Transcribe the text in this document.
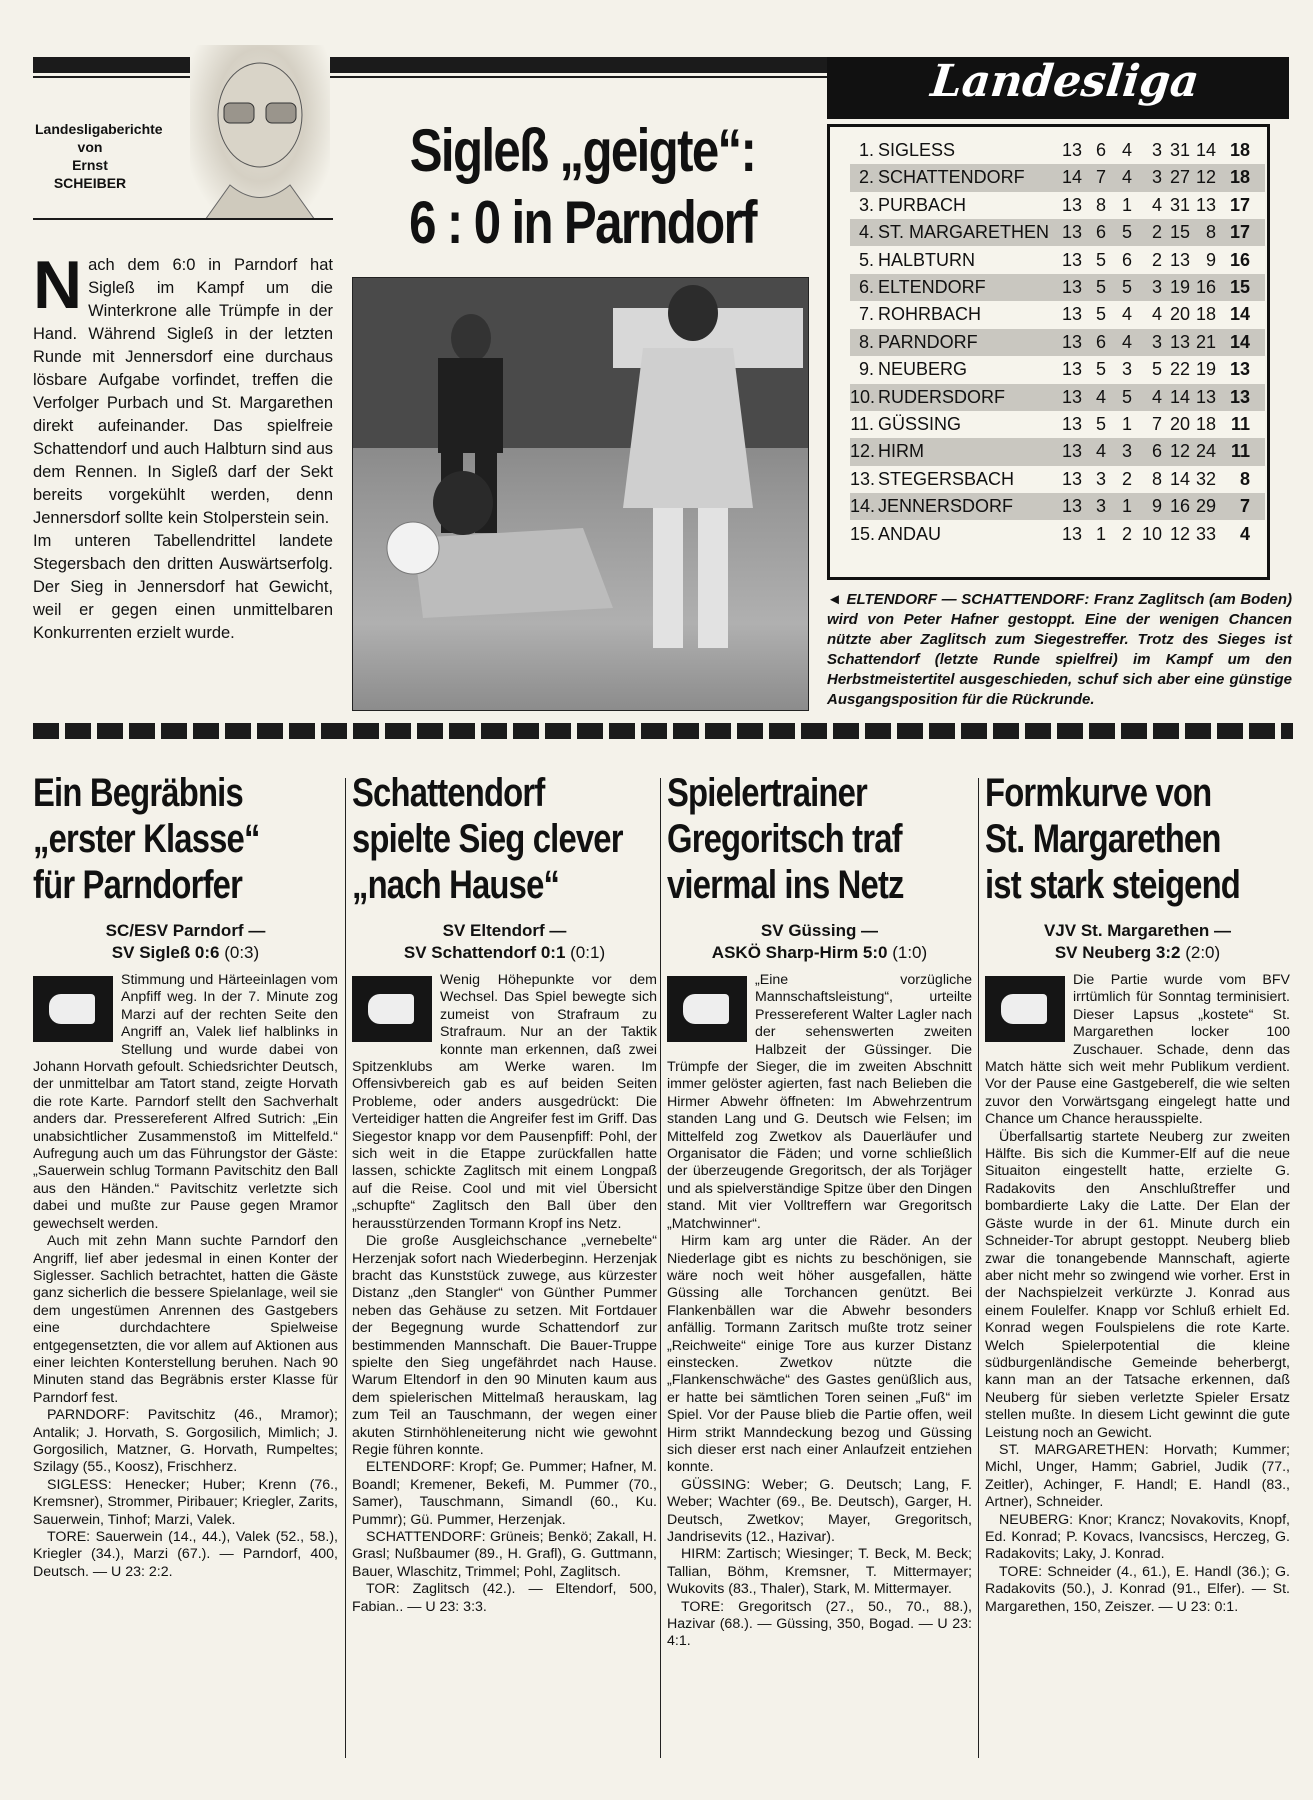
Landesligaberichte
von
Ernst
SCHEIBER	Sigleß „geigte“:
6 : 0 in Parndorf

Nach dem 6:0 in Parndorf hat Sigleß im Kampf um die Winterkrone alle Trümpfe in der Hand. Während Sigleß in der letzten Runde mit Jennersdorf eine durchaus lösbare Aufgabe vorfindet, treffen die Verfolger Purbach und St. Margarethen direkt aufeinander. Das spielfreie Schattendorf und auch Halbturn sind aus dem Rennen. In Sigleß darf der Sekt bereits vorgekühlt werden, denn Jennersdorf sollte kein Stolperstein sein.

Im unteren Tabellendrittel landete Stegersbach den dritten Auswärtserfolg. Der Sieg in Jennersdorf hat Gewicht, weil er gegen einen unmittelbaren Konkurrenten erzielt wurde.

Landesliga
1. SIGLESS	13 6 4	3 31 14 18
2. SCHATTENDORF	14 7 4	3 27 12 18
3. PURBACH	13 8 1	4 31 13 17
4. ST. MARGARETHEN 13 6 5	2 15 8 17
5. HALBTURN	13 5 6	2 13 9 16
6. ELTENDORF	13 5 5	3 19 16 15
7. ROHRBACH	13 5 4	4 20 18 14
8. PARNDORF	13 6 4	3 13 21 14
9. NEUBERG	13 5 3	5 22 19 13
10. RUDERSDORF	13 4 5	4 14 13 13
11. GÜSSING	13 5 1	7 20 18 11
12. HIRM	13 4 3	6 12 24 11
13. STEGERSBACH	13 3 2	8 14 32	8
14. JENNERSDORF	13 3 1	9 16 29	7
15. ANDAU	13 1 2 10 12 33	4
◄ ELTENDORF — SCHATTENDORF: Franz Zaglitsch (am Boden) wird von Peter Hafner gestoppt. Eine der wenigen Chancen nützte aber Zaglitsch zum Siegestreffer. Trotz des Sieges ist Schattendorf (letzte Runde spielfrei) im Kampf um den Herbstmeistertitel ausgeschieden, schuf sich aber eine günstige Ausgangsposition für die Rückrunde.
Ein Begräbnis
„erster Klasse“
für Parndorfer
SC/ESV Parndorf —
SV Sigleß 0:6 (0:3)

Stimmung und Härteeinlagen vom Anpfiff weg. In der 7. Minute zog Marzi auf der rechten Seite den Angriff an, Valek lief halblinks in Stellung und wurde dabei von Johann Horvath gefoult. Schiedsrichter Deutsch, der unmittelbar am Tatort stand, zeigte Horvath die rote Karte. Parndorf stellt den Sachverhalt anders dar. Pressereferent Alfred Sutrich: „Ein unabsichtlicher Zusammenstoß im Mittelfeld.“ Aufregung auch um das Führungstor der Gäste: „Sauerwein schlug Tormann Pavitschitz den Ball aus den Händen.“ Pavitschitz verletzte sich dabei und mußte zur Pause gegen Mramor gewechselt werden.

Auch mit zehn Mann suchte Parndorf den Angriff, lief aber jedesmal in einen Konter der Siglesser. Sachlich betrachtet, hatten die Gäste ganz sicherlich die bessere Spielanlage, weil sie dem ungestümen Anrennen des Gastgebers eine durchdachtere Spielweise entgegensetzten, die vor allem auf Aktionen aus einer leichten Konterstellung beruhen. Nach 90 Minuten stand das Begräbnis erster Klasse für Parndorf fest.

PARNDORF: Pavitschitz (46., Mramor); Antalik; J. Horvath, S. Gorgosilich, Mimlich; J. Gorgosilich, Matzner, G. Horvath, Rumpeltes; Szilagy (55., Koosz), Frischherz.

SIGLESS: Henecker; Huber; Krenn (76., Kremsner), Strommer, Piribauer; Kriegler, Zarits, Sauerwein, Tinhof; Marzi, Valek.

TORE: Sauerwein (14., 44.), Valek (52., 58.), Kriegler (34.), Marzi (67.). — Parndorf, 400, Deutsch. — U 23: 2:2.

Schattendorf
spielte Sieg clever
„nach Hause“
SV Eltendorf —
SV Schattendorf 0:1 (0:1)

Wenig Höhepunkte vor dem Wechsel. Das Spiel bewegte sich zumeist von Strafraum zu Strafraum. Nur an der Taktik konnte man erkennen, daß zwei Spitzenklubs am Werke waren. Im Offensivbereich gab es auf beiden Seiten Probleme, oder anders ausgedrückt: Die Verteidiger hatten die Angreifer fest im Griff. Das Siegestor knapp vor dem Pausenpfiff: Pohl, der sich weit in die Etappe zurückfallen hatte lassen, schickte Zaglitsch mit einem Longpaß auf die Reise. Cool und mit viel Übersicht „schupfte“ Zaglitsch den Ball über den herausstürzenden Tormann Kropf ins Netz.

Die große Ausgleichschance „vernebelte“ Herzenjak sofort nach Wiederbeginn. Herzenjak bracht das Kunststück zuwege, aus kürzester Distanz „den Stangler“ von Günther Pummer neben das Gehäuse zu setzen. Mit Fortdauer der Begegnung wurde Schattendorf zur bestimmenden Mannschaft. Die Bauer-Truppe spielte den Sieg ungefährdet nach Hause. Warum Eltendorf in den 90 Minuten kaum aus dem spielerischen Mittelmaß herauskam, lag zum Teil an Tauschmann, der wegen einer akuten Stirnhöhleneiterung nicht wie gewohnt Regie führen konnte.

ELTENDORF: Kropf; Ge. Pummer; Hafner, M. Boandl; Kremener, Bekefi, M. Pummer (70., Samer), Tauschmann, Simandl (60., Ku. Pummr); Gü. Pummer, Herzenjak.

SCHATTENDORF: Grüneis; Benkö; Zakall, H. Grasl; Nußbaumer (89., H. Grafl), G. Guttmann, Bauer, Wlaschitz, Trimmel; Pohl, Zaglitsch.

TOR: Zaglitsch (42.). — Eltendorf, 500, Fabian.. — U 23: 3:3.

Spielertrainer
Gregoritsch traf
viermal ins Netz
SV Güssing —
ASKÖ Sharp-Hirm 5:0 (1:0)

„Eine vorzügliche Mannschaftsleistung“, urteilte Pressereferent Walter Lagler nach der sehenswerten zweiten Halbzeit der Güssinger. Die Trümpfe der Sieger, die im zweiten Abschnitt immer gelöster agierten, fast nach Belieben die Hirmer Abwehr öffneten: Im Abwehrzentrum standen Lang und G. Deutsch wie Felsen; im Mittelfeld zog Zwetkov als Dauerläufer und Organisator die Fäden; und vorne schließlich der überzeugende Gregoritsch, der als Torjäger und als spielverständige Spitze über den Dingen stand. Mit vier Volltreffern war Gregoritsch „Matchwinner“.

Hirm kam arg unter die Räder. An der Niederlage gibt es nichts zu beschönigen, sie wäre noch weit höher ausgefallen, hätte Güssing alle Torchancen genützt. Bei Flankenbällen war die Abwehr besonders anfällig. Tormann Zaritsch mußte trotz seiner „Reichweite“ einige Tore aus kurzer Distanz einstecken. Zwetkov nützte die „Flankenschwäche“ des Gastes genüßlich aus, er hatte bei sämtlichen Toren seinen „Fuß“ im Spiel. Vor der Pause blieb die Partie offen, weil Hirm strikt Manndeckung bezog und Güssing sich dieser erst nach einer Anlaufzeit entziehen konnte.

GÜSSING: Weber; G. Deutsch; Lang, F. Weber; Wachter (69., Be. Deutsch), Garger, H. Deutsch, Zwetkov; Mayer, Gregoritsch, Jandrisevits (12., Hazivar).

HIRM: Zartisch; Wiesinger; T. Beck, M. Beck; Tallian, Böhm, Kremsner, T. Mittermayer; Wukovits (83., Thaler), Stark, M. Mittermayer.

TORE: Gregoritsch (27., 50., 70., 88.), Hazivar (68.). — Güssing, 350, Bogad. — U 23: 4:1.

Formkurve von
St. Margarethen
ist stark steigend
VJV St. Margarethen —
SV Neuberg 3:2 (2:0)

Die Partie wurde vom BFV irrtümlich für Sonntag terminisiert. Dieser Lapsus „kostete“ St. Margarethen locker 100 Zuschauer. Schade, denn das Match hätte sich weit mehr Publikum verdient. Vor der Pause eine Gastgeberelf, die wie selten zuvor den Vorwärtsgang eingelegt hatte und Chance um Chance herausspielte.

Überfallsartig startete Neuberg zur zweiten Hälfte. Bis sich die Kummer-Elf auf die neue Situaiton eingestellt hatte, erzielte G. Radakovits den Anschlußtreffer und bombardierte Laky die Latte. Der Elan der Gäste wurde in der 61. Minute durch ein Schneider-Tor abrupt gestoppt. Neuberg blieb zwar die tonangebende Mannschaft, agierte aber nicht mehr so zwingend wie vorher. Erst in der Nachspielzeit verkürzte J. Konrad aus einem Foulelfer. Knapp vor Schluß erhielt Ed. Konrad wegen Foulspielens die rote Karte. Welch Spielerpotential die kleine südburgenländische Gemeinde beherbergt, kann man an der Tatsache erkennen, daß Neuberg für sieben verletzte Spieler Ersatz stellen mußte. In diesem Licht gewinnt die gute Leistung noch an Gewicht.

ST. MARGARETHEN: Horvath; Kummer; Michl, Unger, Hamm; Gabriel, Judik (77., Zeitler), Achinger, F. Handl; E. Handl (83., Artner), Schneider.

NEUBERG: Knor; Krancz; Novakovits, Knopf, Ed. Konrad; P. Kovacs, Ivancsiscs, Herczeg, G. Radakovits; Laky, J. Konrad.

TORE: Schneider (4., 61.), E. Handl (36.); G. Radakovits (50.), J. Konrad (91., Elfer). — St. Margarethen, 150, Zeiszer. — U 23: 0:1.
